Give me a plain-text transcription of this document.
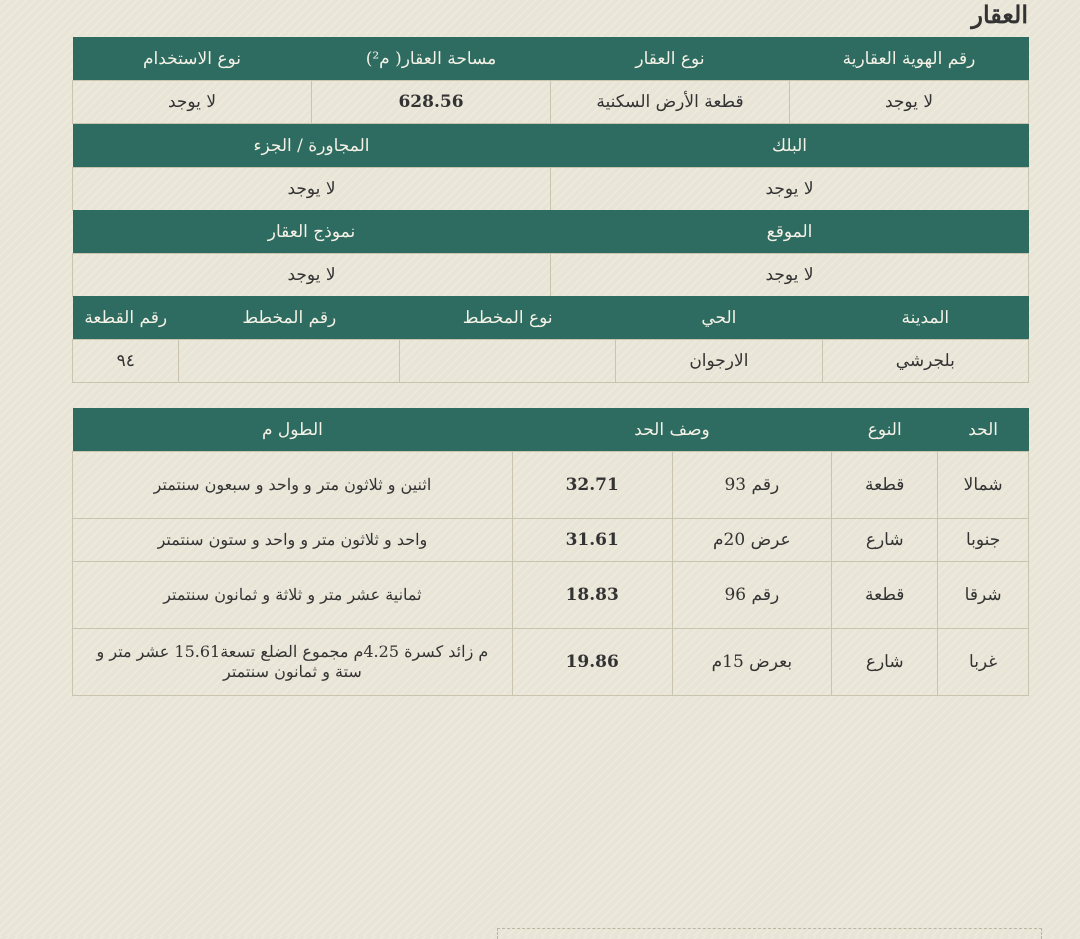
العقار
رقم الهوية العقارية	نوع العقار	مساحة العقار( م²)	نوع الاستخدام
لا يوجد	قطعة الأرض السكنية	628.56	لا يوجد
البلك	المجاورة / الجزء
لا يوجد	لا يوجد
الموقع	نموذج العقار
لا يوجد	لا يوجد
المدينة	الحي	نوع المخطط	رقم المخطط	رقم القطعة
بلجرشي	الارجوان			٩٤
الحد	النوع	وصف الحد		الطول م
شمالا	قطعة	رقم 93	32.71	اثنين و ثلاثون متر و واحد و سبعون سنتمتر
جنوبا	شارع	عرض 20م	31.61	واحد و ثلاثون متر و واحد و ستون سنتمتر
شرقا	قطعة	رقم 96	18.83	ثمانية عشر متر و ثلاثة و ثمانون سنتمتر
غربا	شارع	بعرض 15م	19.86	م زائد كسرة 4.25م مجموع الضلع تسعة15.61 عشر متر و ستة و ثمانون سنتمتر
